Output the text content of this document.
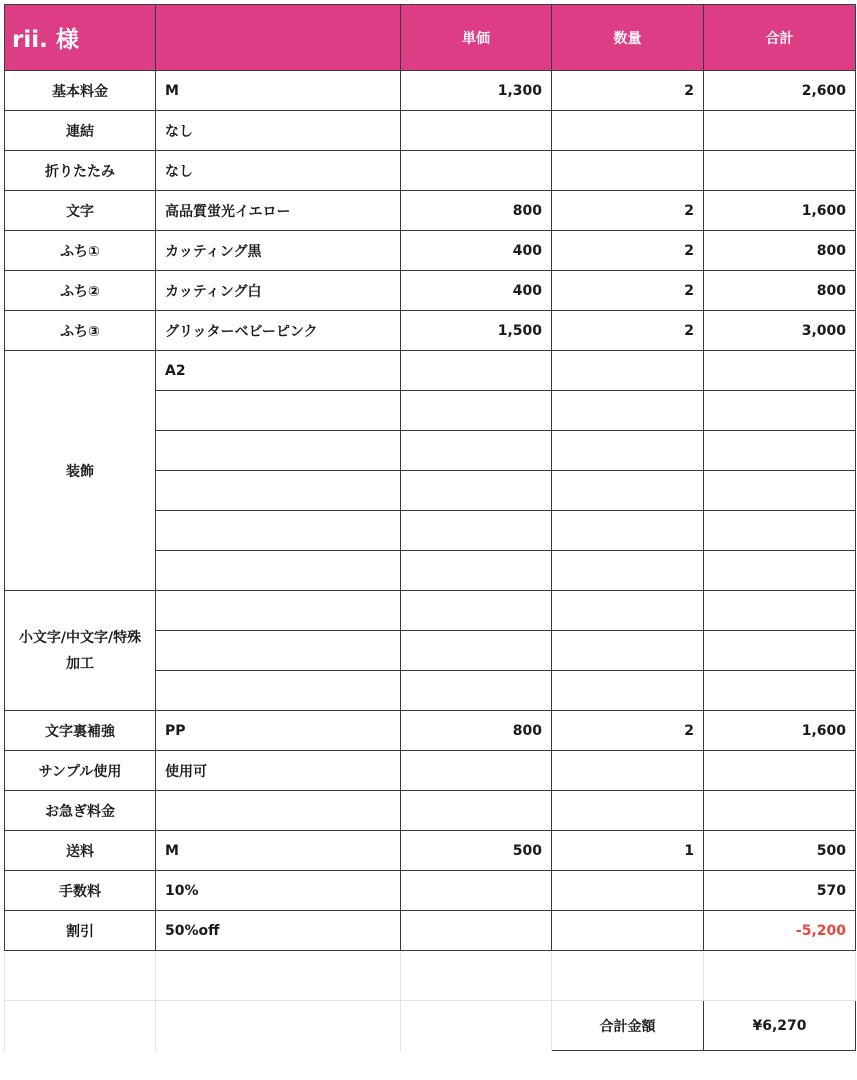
rii. 様		単価	数量	合計
基本料金	M	1,300	2	2,600
連結	なし			
折りたたみ	なし			
文字	高品質蛍光イエロー	800	2	1,600
ふち①	カッティング黒	400	2	800
ふち②	カッティング白	400	2	800
ふち③	グリッターベビーピンク	1,500	2	3,000
装飾	A2			

小文字/中文字/特殊加工				

文字裏補強	PP	800	2	1,600
サンプル使用	使用可			
お急ぎ料金				
送料	M	500	1	500
手数料	10%			570
割引	50%off			-5,200

			合計金額	¥6,270
